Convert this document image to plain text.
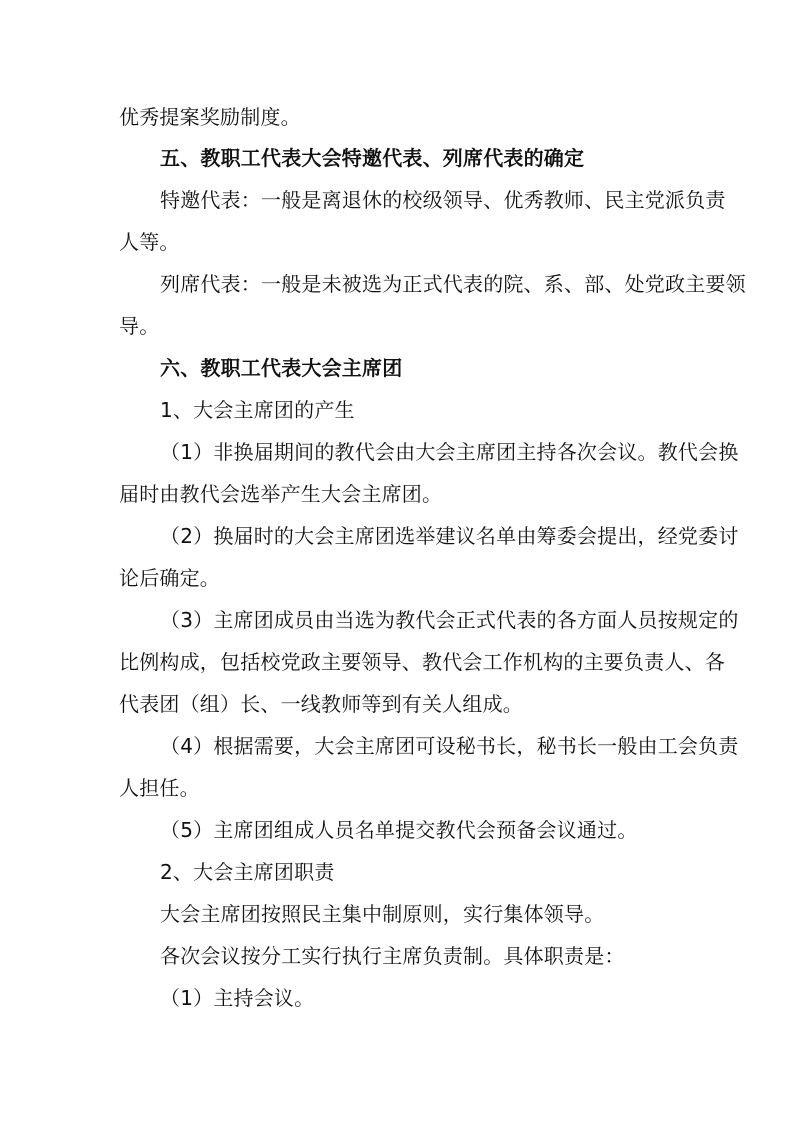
优秀提案奖励制度。
五、教职工代表大会特邀代表、列席代表的确定
特邀代表：一般是离退休的校级领导、优秀教师、民主党派负责
人等。
列席代表：一般是未被选为正式代表的院、系、部、处党政主要领
导。
六、教职工代表大会主席团
1、大会主席团的产生
（1）非换届期间的教代会由大会主席团主持各次会议。教代会换
届时由教代会选举产生大会主席团。
（2）换届时的大会主席团选举建议名单由筹委会提出，经党委讨
论后确定。
（3）主席团成员由当选为教代会正式代表的各方面人员按规定的
比例构成，包括校党政主要领导、教代会工作机构的主要负责人、各
代表团（组）长、一线教师等到有关人组成。
（4）根据需要，大会主席团可设秘书长，秘书长一般由工会负责
人担任。
（5）主席团组成人员名单提交教代会预备会议通过。
2、大会主席团职责
大会主席团按照民主集中制原则，实行集体领导。
各次会议按分工实行执行主席负责制。具体职责是：
（1）主持会议。
